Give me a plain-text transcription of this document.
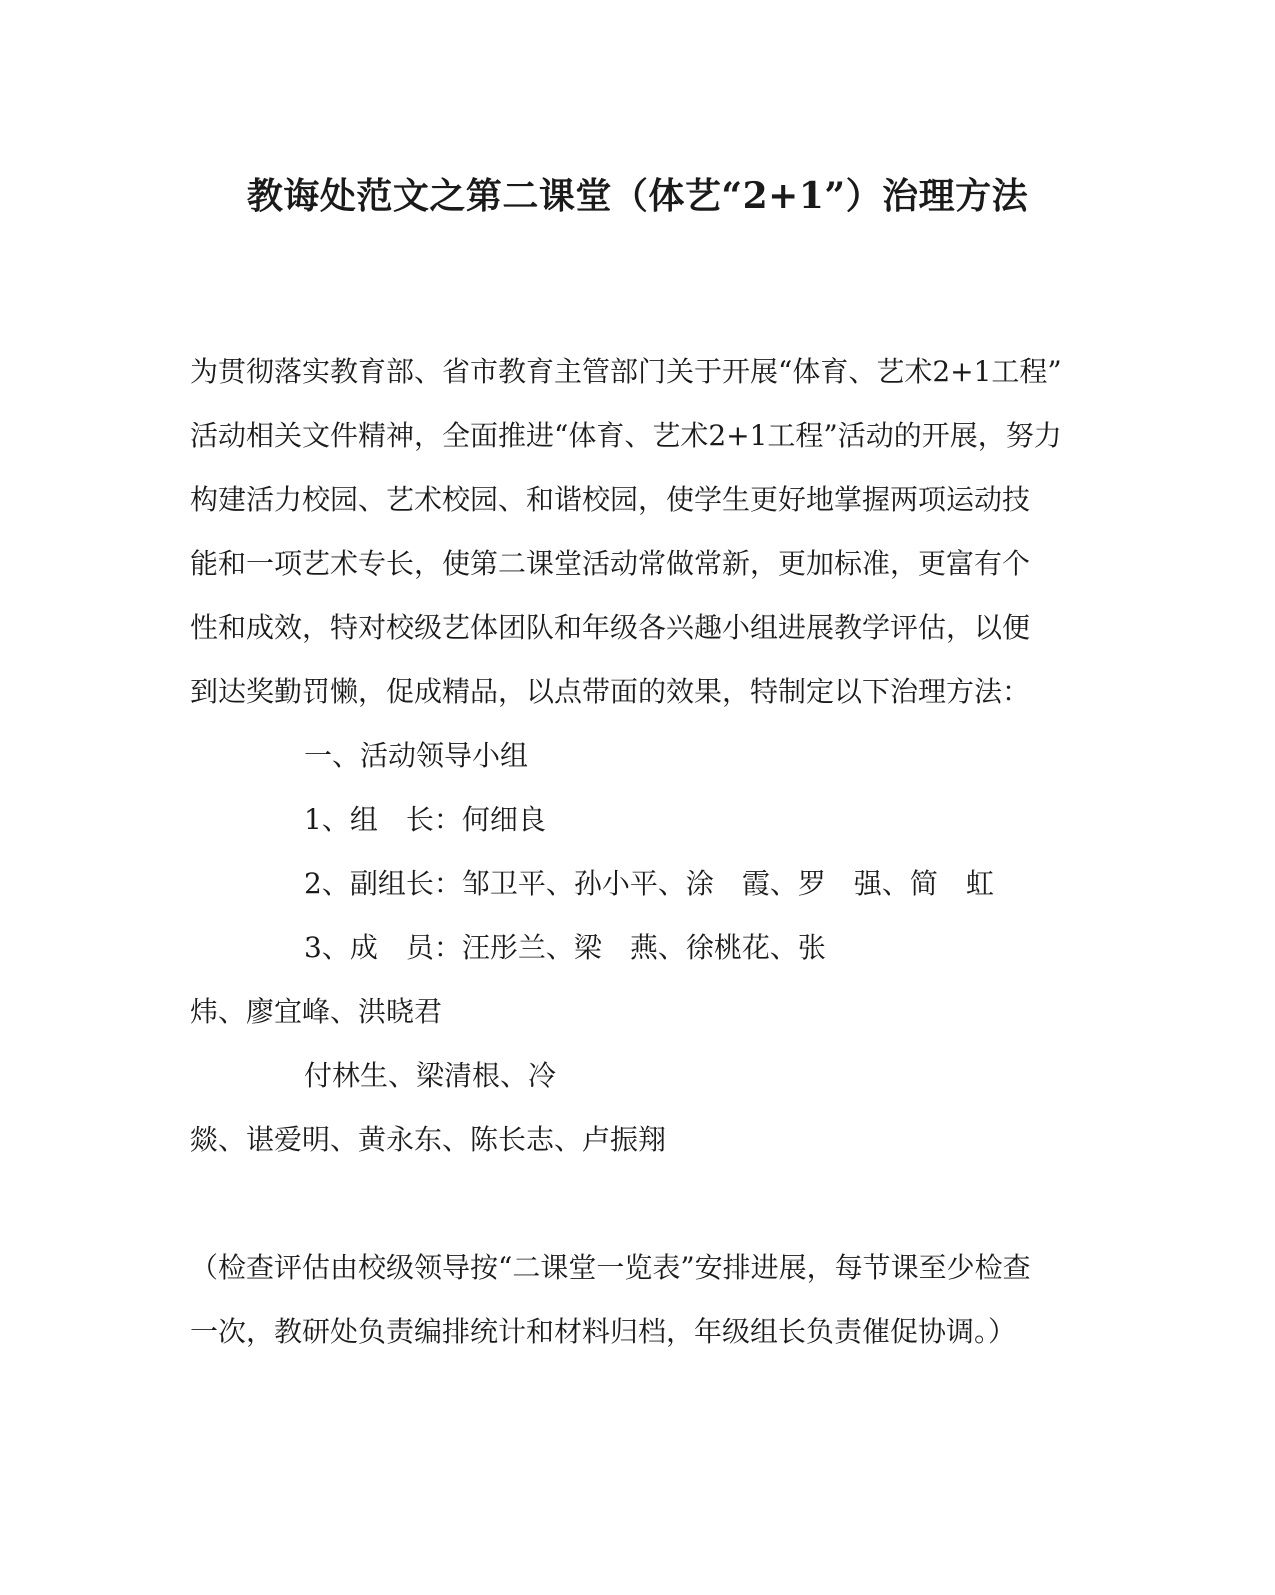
教诲处范文之第二课堂（体艺“2+1”）治理方法
为贯彻落实教育部、省市教育主管部门关于开展“体育、艺术2+1工程”
活动相关文件精神，全面推进“体育、艺术2+1工程”活动的开展，努力
构建活力校园、艺术校园、和谐校园，使学生更好地掌握两项运动技
能和一项艺术专长，使第二课堂活动常做常新，更加标准，更富有个
性和成效，特对校级艺体团队和年级各兴趣小组进展教学评估，以便
到达奖勤罚懒，促成精品，以点带面的效果，特制定以下治理方法：
一、活动领导小组
1、组　长：何细良
2、副组长：邹卫平、孙小平、涂　霞、罗　强、简　虹
3、成　员：汪彤兰、梁　燕、徐桃花、张
炜、廖宜峰、洪晓君
付林生、梁清根、冷
燚、谌爱明、黄永东、陈长志、卢振翔
（检查评估由校级领导按“二课堂一览表”安排进展，每节课至少检查
一次，教研处负责编排统计和材料归档，年级组长负责催促协调。）
